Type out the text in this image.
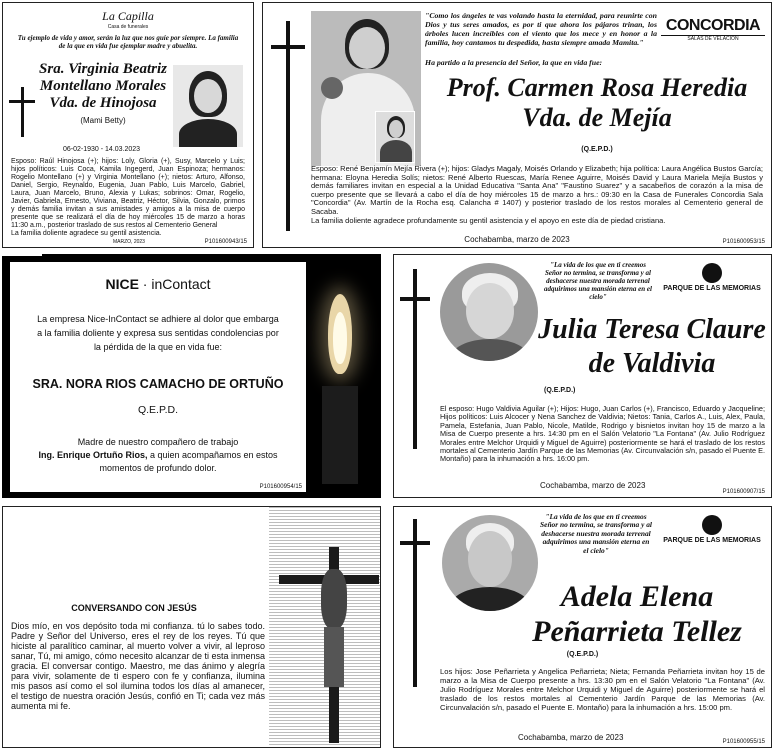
La Capilla
Casa de funerales
Tu ejemplo de vida y amor, serán la luz que nos guíe por siempre. La familia de la que en vida fue ejemplar madre y abuelita.
Sra. Virginia Beatriz
Montellano Morales
Vda. de Hinojosa
(Mami Betty)
06-02-1930 - 14.03.2023
Esposo: Raúl Hinojosa (+); hijos: Loly, Gloria (+), Susy, Marcelo y Luis; hijos políticos: Luis Coca, Kamila Ingegerd, Juan Espinoza; hermanos: Rogelio Montellano (+) y Virginia Montellano (+); nietos: Arturo, Alfonso, Daniel, Sergio, Reynaldo, Eugenia, Juan Pablo, Luis Marcelo, Gabriel, Laura, Juan Marcelo, Bruno, Alexia y Lukas; sobrinos: Omar, Rogelio, Javier, Gabriela, Ernesto, Viviana, Beatriz, Héctor, Silvia, Gonzalo, primos y demás familia invitan a sus amistades y amigos a la misa de cuerpo presente que se realizará el día de hoy miércoles 15 de marzo a horas 11:30 a.m., posterior traslado de sus restos al Cementerio General
La familia doliente agradece su gentil asistencia.
MARZO, 2023	P101600943/15
"Como los ángeles te vas volando hasta la eternidad, para reunirte con Dios y tus seres amados, es por ti que ahora los pájaros trinan, los árboles lucen increíbles con el viento que los mece y en honor a la familia, hoy cantamos tu despedida, hasta siempre amada Mamita."
Ha partido a la presencia del Señor, la que en vida fue:
CONCORDIA
SALAS DE VELACIÓN
Prof. Carmen Rosa Heredia
Vda. de Mejía
(Q.E.P.D.)
Esposo: René Benjamín Mejía Rivera (+); hijos: Gladys Magaly, Moisés Orlando y Elizabeth; hija política: Laura Angélica Bustos García; hermana: Eloyna Heredia Solís; nietos: René Alberto Ruescas, María Renee Aguirre, Moisés David y Laura Mariela Mejía Bustos y demás familiares invitan en especial a la Unidad Educativa "Santa Ana" "Faustino Suarez" y a sacabeños de corazón a la misa de cuerpo presente que se llevará a cabo el día de hoy miércoles 15 de marzo a hrs.: 09:30 en la Casa de Funerales Concordia Sala "Concordia" (Av. Martín de la Rocha esq. Calancha # 1407) y posterior traslado de los restos morales al Cementerio general de Sacaba.
La familia doliente agradece profundamente su gentil asistencia y el apoyo en este día de piedad cristiana.
Cochabamba, marzo de 2023	P101600953/15
NICE · inContact
La empresa Nice-InContact se adhiere al dolor que embarga a la familia doliente y expresa sus sentidas condolencias por la pérdida de la que en vida fue:
SRA. NORA RIOS CAMACHO DE ORTUÑO
Q.E.P.D.
Madre de nuestro compañero de trabajo
Ing. Enrique Ortuño Rios, a quien acompañamos en estos momentos de profundo dolor.
P101600954/15
"La vida de los que en ti creemos Señor no termina, se transforma y al deshacerse nuestra morada terrenal adquirimos una mansión eterna en el cielo"
PARQUE DE LAS MEMORIAS
Julia Teresa Claure
de Valdivia
(Q.E.P.D.)
El esposo: Hugo Valdivia Aguilar (+); Hijos: Hugo, Juan Carlos (+), Francisco, Eduardo y Jacqueline; Hijos políticos: Luis Alcocer y Nena Sanchez de Valdivia; Nietos: Tania, Carlos A., Luis, Alex, Paula, Pamela, Estefania, Juan Pablo, Nicole, Matilde, Rodrigo y bisnietos invitan hoy 15 de marzo a la Misa de Cuerpo presente a hrs. 14:30 pm en el Salón Velatorio "La Fontana" (Av. Julio Rodríguez Morales entre Melchor Urquidi y Miguel de Aguirre) posteriormente se hará el traslado de los restos mortales al Cementerio Jardín Parque de las Memorias (Av. Circunvalación s/n, pasado el Puente E. Montaño) para la inhumación a hrs. 16:00 pm.
Cochabamba, marzo de 2023
P101600907/15
CONVERSANDO CON JESÚS
Dios mío, en vos depósito toda mi confianza. tú lo sabes todo. Padre y Señor del Universo, eres el rey de los reyes. Tú que hiciste al paralítico caminar, al muerto volver a vivir, al leproso sanar, Tú, mi amigo, cómo necesito alcanzar de ti esta inmensa gracia. El conversar contigo. Maestro, me das ánimo y alegría para vivir, solamente de ti espero con fe y confianza, ilumina mis pasos así como el sol ilumina todos los días al amanecer, el testigo de nuestra oración Jesús, confió en Ti; cada vez más aumenta mi fe.
"La vida de los que en ti creemos Señor no termina, se transforma y al deshacerse nuestra morada terrenal adquirimos una mansión eterna en el cielo"
PARQUE DE LAS MEMORIAS
Adela Elena
Peñarrieta Tellez
(Q.E.P.D.)
Los hijos: Jose Peñarrieta y Angelica Peñarrieta; Nieta; Fernanda Peñarrieta invitan hoy 15 de marzo a la Misa de Cuerpo presente a hrs. 13:30 pm en el Salón Velatorio "La Fontana" (Av. Julio Rodríguez Morales entre Melchor Urquidi y Miguel de Aguirre) posteriormente se hará el traslado de los restos mortales al Cementerio Jardín Parque de las Memorias (Av. Circunvalación s/n, pasado el Puente E. Montaño) para la inhumación a hrs. 15:00 pm.
Cochabamba, marzo de 2023	P101600955/15
